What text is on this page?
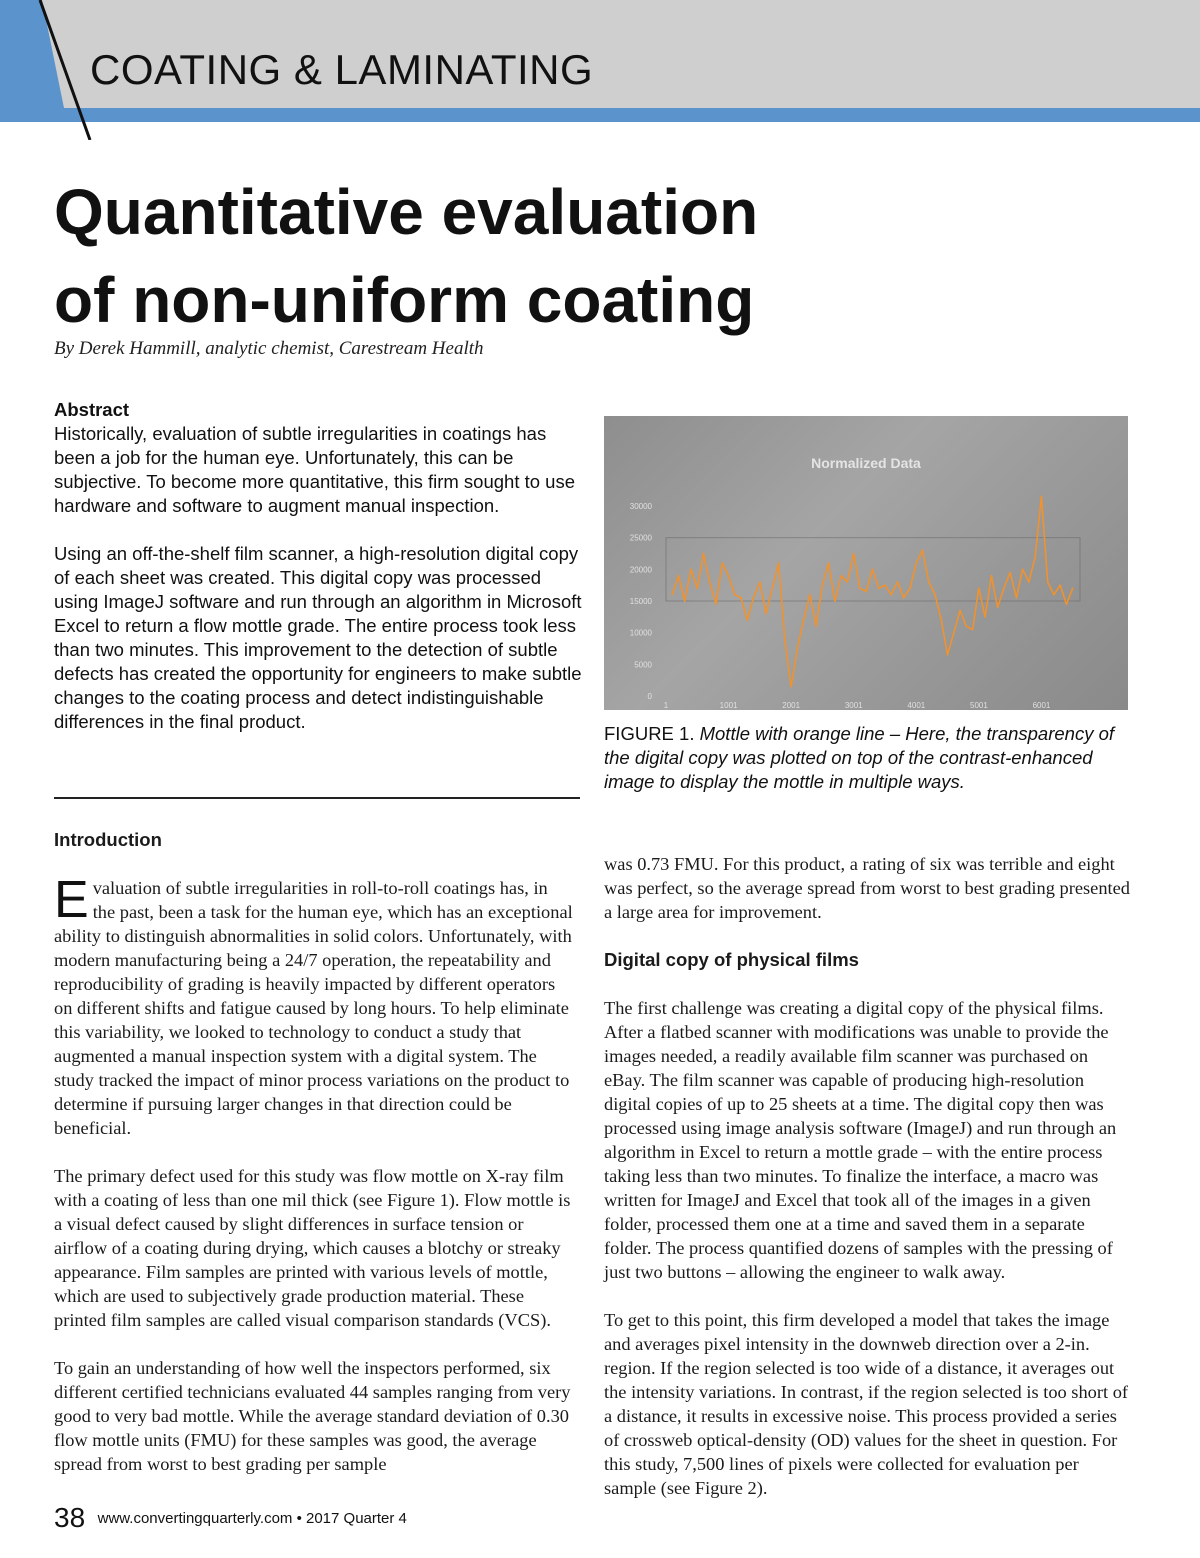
COATING & LAMINATING
Quantitative evaluation
of non-uniform coating
By Derek Hammill, analytic chemist, Carestream Health

Abstract

Historically, evaluation of subtle irregularities in coatings has been a job for the human eye. Unfortunately, this can be subjective. To become more quantitative, this firm sought to use hardware and software to augment manual inspection.

Using an off-the-shelf film scanner, a high-resolution digital copy of each sheet was created. This digital copy was processed using ImageJ software and run through an algorithm in Microsoft Excel to return a flow mottle grade. The entire process took less than two minutes. This improvement to the detection of subtle defects has created the opportunity for engineers to make subtle changes to the coating process and detect indistinguishable differences in the final product.

Normalized Data
0
5000
10000
15000
20000
25000
30000
1	1001	2001	3001	4001	5001	6001
FIGURE 1. Mottle with orange line – Here, the transparency of the digital copy was plotted on top of the contrast-enhanced image to display the mottle in multiple ways.

Introduction

Evaluation of subtle irregularities in roll-to-roll coatings has, in the past, been a task for the human eye, which has an exceptional ability to distinguish abnormalities in solid colors. Unfortunately, with modern manufacturing being a 24/7 operation, the repeatability and reproducibility of grading is heavily impacted by different operators on different shifts and fatigue caused by long hours. To help eliminate this variability, we looked to technology to conduct a study that augmented a manual inspection system with a digital system. The study tracked the impact of minor process variations on the product to determine if pursuing larger changes in that direction could be beneficial.

The primary defect used for this study was flow mottle on X-ray film with a coating of less than one mil thick (see Figure 1). Flow mottle is a visual defect caused by slight differences in surface tension or airflow of a coating during drying, which causes a blotchy or streaky appearance. Film samples are printed with various levels of mottle, which are used to subjectively grade production material. These printed film samples are called visual comparison standards (VCS).

To gain an understanding of how well the inspectors performed, six different certified technicians evaluated 44 samples ranging from very good to very bad mottle. While the average standard deviation of 0.30 flow mottle units (FMU) for these samples was good, the average spread from worst to best grading per sample

was 0.73 FMU. For this product, a rating of six was terrible and eight was perfect, so the average spread from worst to best grading presented a large area for improvement.

Digital copy of physical films

The first challenge was creating a digital copy of the physical films. After a flatbed scanner with modifications was unable to provide the images needed, a readily available film scanner was purchased on eBay. The film scanner was capable of producing high-resolution digital copies of up to 25 sheets at a time. The digital copy then was processed using image analysis software (ImageJ) and run through an algorithm in Excel to return a mottle grade – with the entire process taking less than two minutes. To finalize the interface, a macro was written for ImageJ and Excel that took all of the images in a given folder, processed them one at a time and saved them in a separate folder. The process quantified dozens of samples with the pressing of just two buttons – allowing the engineer to walk away.

To get to this point, this firm developed a model that takes the image and averages pixel intensity in the downweb direction over a 2-in. region. If the region selected is too wide of a distance, it averages out the intensity variations. In contrast, if the region selected is too short of a distance, it results in excessive noise. This process provided a series of crossweb optical-density (OD) values for the sheet in question. For this study, 7,500 lines of pixels were collected for evaluation per sample (see Figure 2).

38 www.convertingquarterly.com • 2017 Quarter 4
